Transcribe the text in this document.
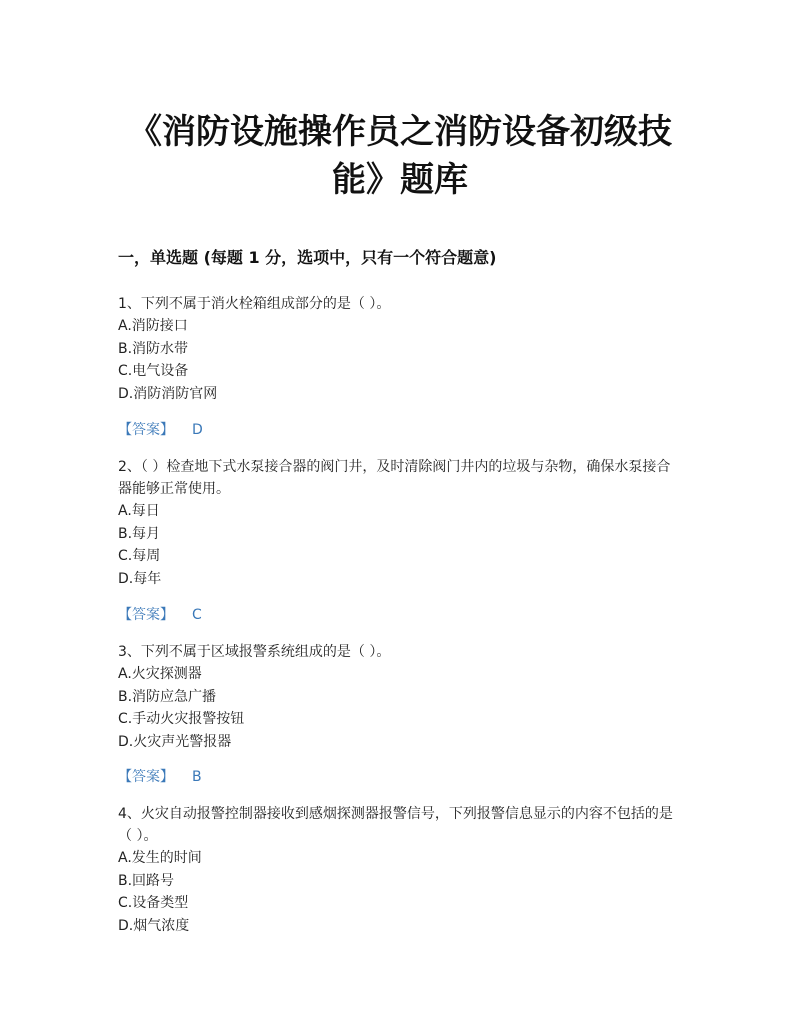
《消防设施操作员之消防设备初级技能》题库
一，单选题 (每题 1 分，选项中，只有一个符合题意)

1、下列不属于消火栓箱组成部分的是（ ）。

A.消防接口

B.消防水带

C.电气设备

D.消防消防官网

【答案】 D

2、（ ）检查地下式水泵接合器的阀门井，及时清除阀门井内的垃圾与杂物，确保水泵接合器能够正常使用。

A.每日

B.每月

C.每周

D.每年

【答案】 C

3、下列不属于区域报警系统组成的是（ ）。

A.火灾探测器

B.消防应急广播

C.手动火灾报警按钮

D.火灾声光警报器

【答案】 B

4、火灾自动报警控制器接收到感烟探测器报警信号，下列报警信息显示的内容不包括的是（ ）。

A.发生的时间

B.回路号

C.设备类型

D.烟气浓度
